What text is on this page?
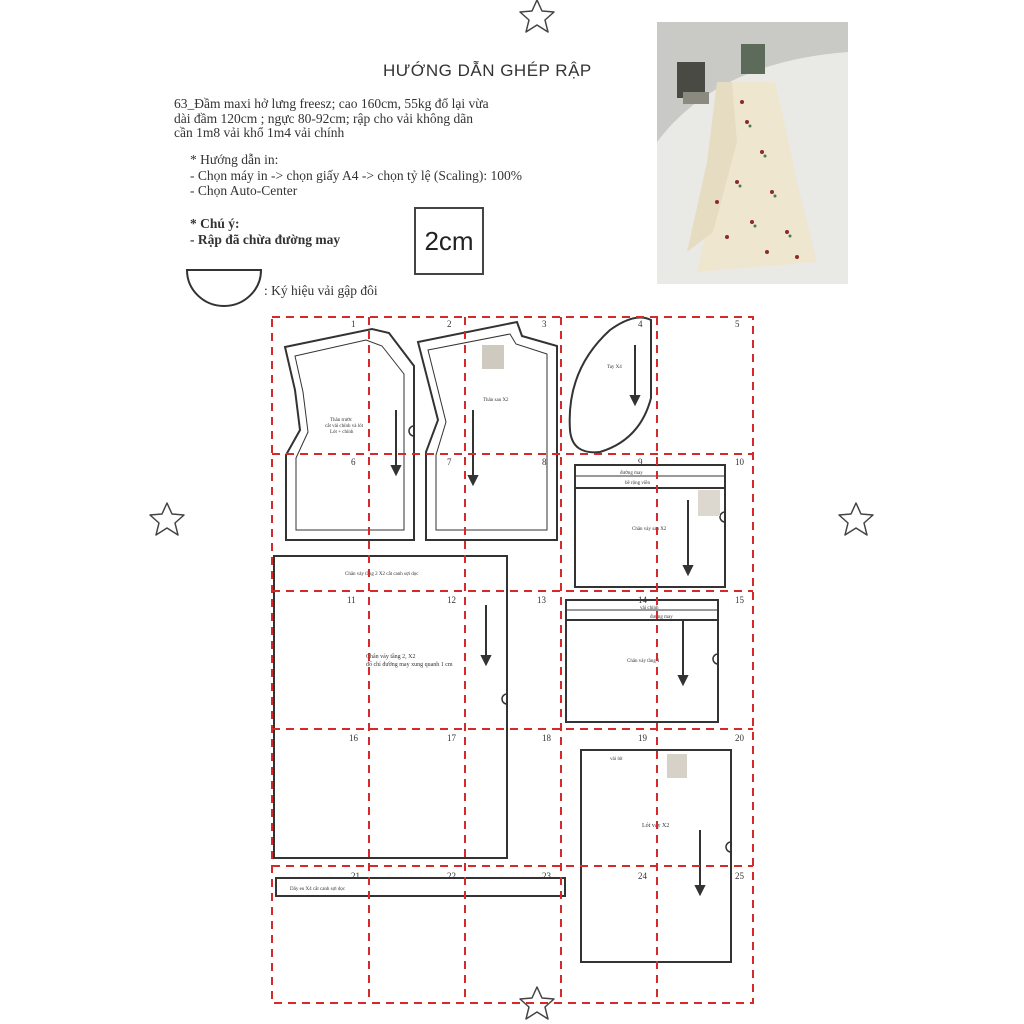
HƯỚNG DẪN GHÉP RẬP
63_Đầm maxi hở lưng freesz; cao 160cm, 55kg đổ lại vừa
dài đầm 120cm ; ngực 80-92cm; rập cho vải không dãn
cần 1m8 vải khổ 1m4 vải chính
* Hướng dẫn in:
- Chọn máy in -> chọn giấy A4 -> chọn tỷ lệ (Scaling): 100%
- Chọn Auto-Center
* Chú ý:
- Rập đã chừa đường may	2cm
: Ký hiệu vải gập đôi
Thân trước
cắt vải chính và lót
Lót + chính
Thân sau X2
Tay X4
đường may
bề rộng viền
Chân váy sau X2
Chân váy tầng 2 X2 cắt canh sợi dọc
Chân váy tầng 2, X2
đổ chỉ đường may xung quanh 1 cm
vải chính
đường may
Chân váy tầng 1
vải lót
Lót váy X2
Dây eo X4 cắt canh sợi dọc
1	2	3	4	5
6	7	8	9	10
11	12	13	14	15
16	17	18	19	20
21	22	23	24	25
